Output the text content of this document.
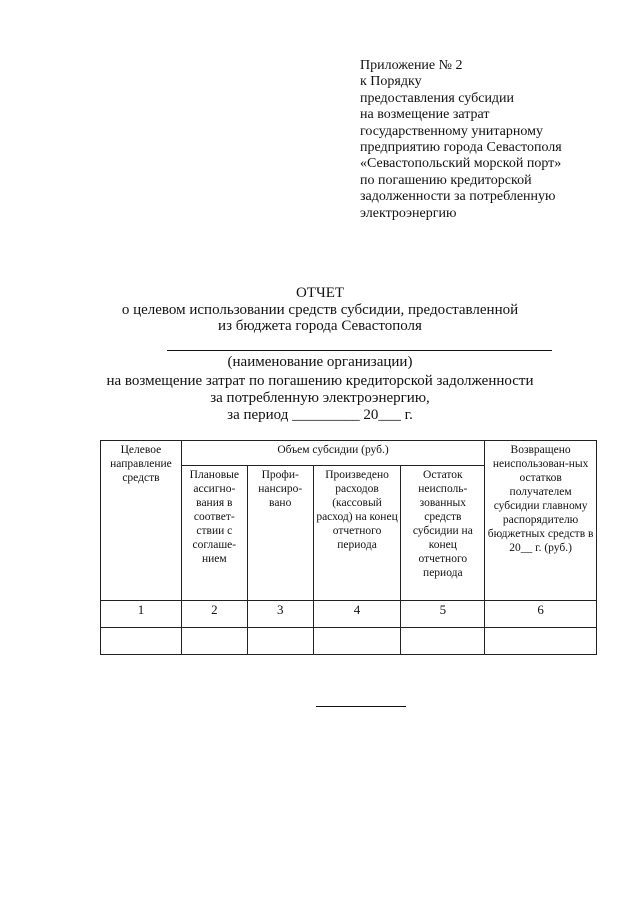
Приложение № 2
к Порядку
предоставления субсидии
на возмещение затрат
государственному унитарному
предприятию города Севастополя
«Севастопольский морской порт»
по погашению кредиторской
задолженности за потребленную
электроэнергию
ОТЧЕТ
о целевом использовании средств субсидии, предоставленной
из бюджета города Севастополя
(наименование организации)
на возмещение затрат по погашению кредиторской задолженности
за потребленную электроэнергию,
за период _________ 20___ г.
Целевое направление средств	Объем субсидии (руб.)				Возвращено неиспользован-ных остатков получателем субсидии главному распорядителю бюджетных средств в 20__ г. (руб.)
	Плановые ассигно-вания в соответ-ствии с соглаше-нием	Профи-нансиро-вано	Произведено расходов (кассовый расход) на конец отчетного периода	Остаток неисполь-зованных средств субсидии на конец отчетного периода	
1	2	3	4	5	6
